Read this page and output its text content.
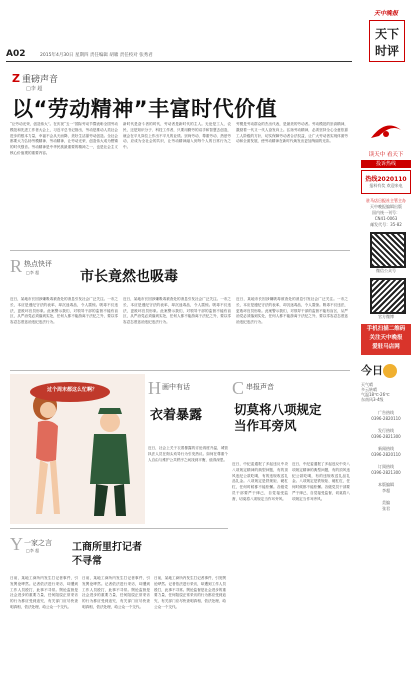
A02	2015年4月30日 星期四 责任编辑 胡啸 责任校对 张秀君
Z 重磅声音
□李 超
以“劳动精神”丰富时代价值
“让劳动光荣，创造伟大”。在庆祝“五一”国际劳动节暨表彰全国劳动模范和先进工作者大会上，习近平总书记指出，劳动是推动人类社会进步的根本力量，幸福不会从天而降，美好生活靠劳动创造。全社会都要大力弘扬劳模精神、劳动精神，让劳动光荣、创造伟大成为铿锵的时代强音。劳动精神是中华民族最重要的精神之一，也是社会主义核心价值观的重要内容。
新时代是奋斗者的时代，劳动者是新时代的主人。无论是工人、农民，还是知识分子、科技工作者，只要用勤劳的双手和智慧去创造，就会在平凡岗位上作出不平凡的业绩。崇尚劳动、尊重劳动、热爱劳动，应成为全社会的共识，让劳动精神融入到每个人的日常行为之中。
劳模是劳动群众的杰出代表，是最美的劳动者。劳动模范的崇高精神，激励着一代又一代人奋发向上。弘扬劳动精神，必须坚持全心全意依靠工人阶级的方针，切实保障劳动者合法权益，让广大劳动者实现体面劳动和全面发展，使劳动精神在新时代焕发出更加绚丽的光彩。
R 热点快评
□李 超	市长竟然也吸毒
近日，某地市长因涉嫌吸毒被查处的消息引发社会广泛关注。一市之长，本应是遵纪守法的表率，却沉迷毒品，令人震惊。吸毒不仅违法，更败坏官员形象。此案警示我们，对领导干部的监督不能有盲区，从严治党必须落到实处，任何人都不能游离于法纪之外，要以零容忍态度惩治违纪违法行为。
近日，某地市长因涉嫌吸毒被查处的消息引发社会广泛关注。一市之长，本应是遵纪守法的表率，却沉迷毒品，令人震惊。吸毒不仅违法，更败坏官员形象。此案警示我们，对领导干部的监督不能有盲区，从严治党必须落到实处，任何人都不能游离于法纪之外，要以零容忍态度惩治违纪违法行为。
近日，某地市长因涉嫌吸毒被查处的消息引发社会广泛关注。一市之长，本应是遵纪守法的表率，却沉迷毒品，令人震惊。吸毒不仅违法，更败坏官员形象。此案警示我们，对领导干部的监督不能有盲区，从严治党必须落到实处，任何人都不能游离于法纪之外，要以零容忍态度惩治违纪违法行为。
过个周末都这么忙啊？	H 画中有话
衣着暴露
近日，社会上关于衣着暴露的讨论再度升温，城管执法人员在街头劝导行为引发热议。如何在尊重个人自由与维护公共秩序之间找到平衡，值得深思。
C 串报声音
切莫将八项规定
当作耳旁风
近日，中纪委通报了多起违反中央八项规定精神的典型问题，有的顶风违纪公款吃喝，有的违规收送礼品礼金。八项规定是铁规矩、硬杠杠，任何时候都不能松懈。各级党员干部要严于律己，自觉接受监督，切莫将八项规定当作耳旁风。
近日，中纪委通报了多起违反中央八项规定精神的典型问题，有的顶风违纪公款吃喝，有的违规收送礼品礼金。八项规定是铁规矩、硬杠杠，任何时候都不能松懈。各级党员干部要严于律己，自觉接受监督，切莫将八项规定当作耳旁风。
Y 一家之言
□李 超	工商所里打记者
不寻常
日前，某地工商所内发生打记者事件，引发舆论哗然。记者依法进行采访，却遭到工作人员殴打，此事不寻常。舆论监督是社会进步的重要力量，任何阻挠正常采访的行为都应受到追究，有关部门应尽快查明真相，依法处理，给公众一个交代。
日前，某地工商所内发生打记者事件，引发舆论哗然。记者依法进行采访，却遭到工作人员殴打，此事不寻常。舆论监督是社会进步的重要力量，任何阻挠正常采访的行为都应受到追究，有关部门应尽快查明真相，依法处理，给公众一个交代。
日前，某地工商所内发生打记者事件，引发舆论哗然。记者依法进行采访，却遭到工作人员殴打，此事不寻常。舆论监督是社会进步的重要力量，任何阻挠正常采访的行为都应受到追究，有关部门应尽快查明真相，依法处理，给公众一个交代。
天中晚报
天下
时评
读天中 看天下
投诉热线
热线2020110
报料有奖 欢迎来电
驻马店日报社主管主办
天中晚报编辑出版
国内统一刊号：
CN41-0063
邮发代号：35-82
微信公众号
官方微博
手机扫描二维码
关注天中晚报
爱驻马店网
今日
天气晴
多云转晴
气温18℃-26℃
东南风3-4级
广告热线
0396-2820110
发行热线
0396-2821300
新闻热线
0396-2820110
订阅热线
0396-2821300
本版编辑
李超
美编
张君
